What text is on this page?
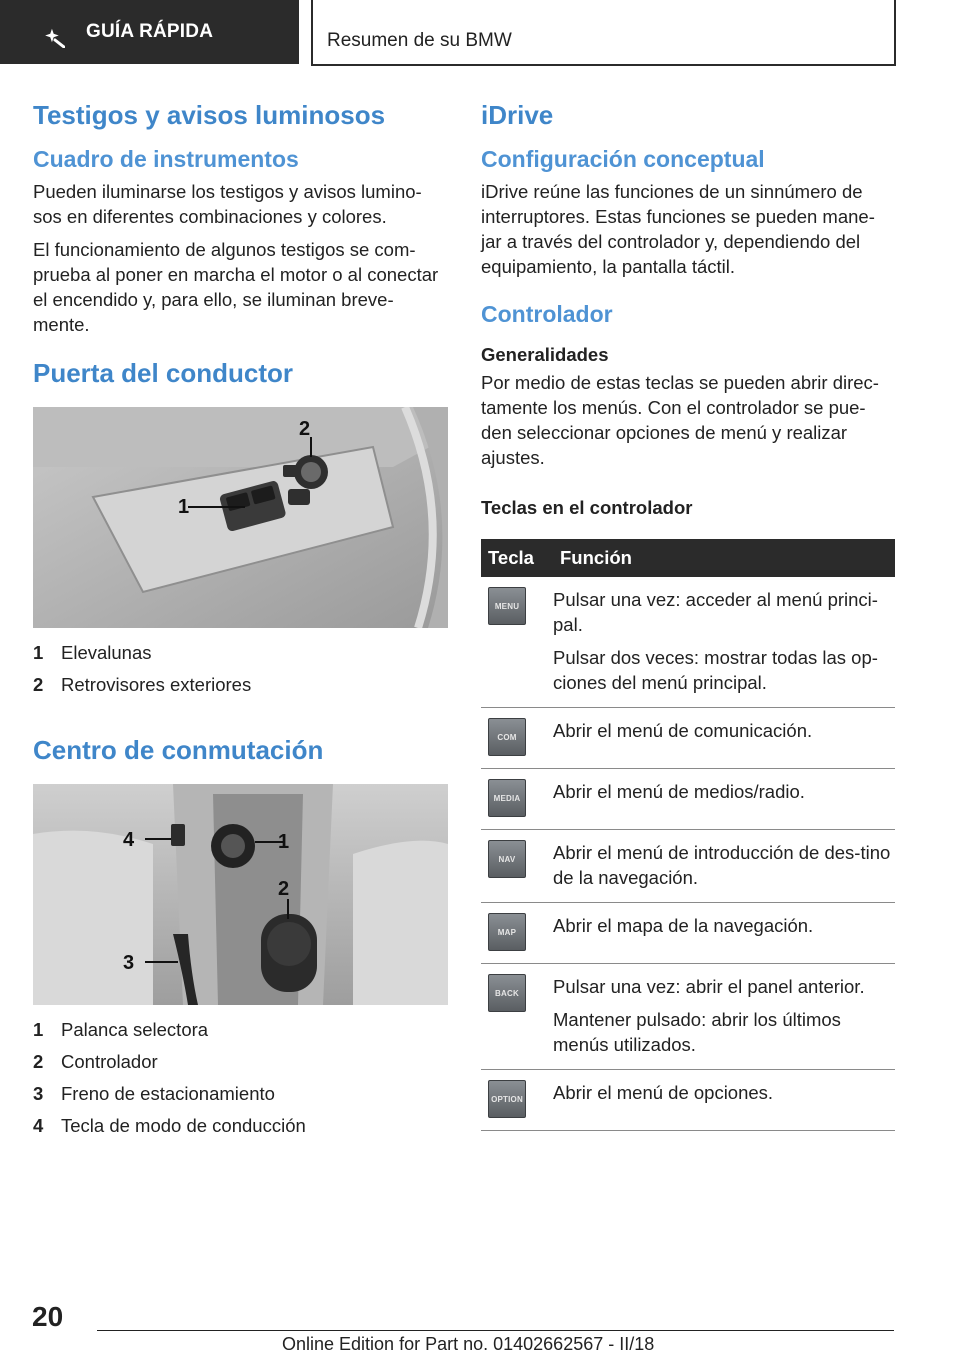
GUÍA RÁPIDA	Resumen de su BMW
Testigos y avisos luminosos
Cuadro de instrumentos

Pueden iluminarse los testigos y avisos lumino-sos en diferentes combinaciones y colores.

El funcionamiento de algunos testigos se com-prueba al poner en marcha el motor o al conectar el encendido y, para ello, se iluminan breve-mente.

Puerta del conductor
1
2
1 Elevalunas
2 Retrovisores exteriores
Centro de conmutación
4	1
2
3
1 Palanca selectora
2 Controlador
3 Freno de estacionamiento
4 Tecla de modo de conducción
iDrive
Configuración conceptual

iDrive reúne las funciones de un sinnúmero de interruptores. Estas funciones se pueden mane-jar a través del controlador y, dependiendo del equipamiento, la pantalla táctil.

Controlador
Generalidades

Por medio de estas teclas se pueden abrir direc-tamente los menús. Con el controlador se pue-den seleccionar opciones de menú y realizar ajustes.

Teclas en el controlador
Tecla	Función

MENU	Pulsar una vez: acceder al menú princi-pal.

Pulsar dos veces: mostrar todas las op-ciones del menú principal.

COM	Abrir el menú de comunicación.

MEDIA	Abrir el menú de medios/radio.

NAV	Abrir el menú de introducción de des-tino de la navegación.

MAP	Abrir el mapa de la navegación.

BACK	Pulsar una vez: abrir el panel anterior.

Mantener pulsado: abrir los últimos menús utilizados.

OPTION	Abrir el menú de opciones.

20
Online Edition for Part no. 01402662567 - II/18
